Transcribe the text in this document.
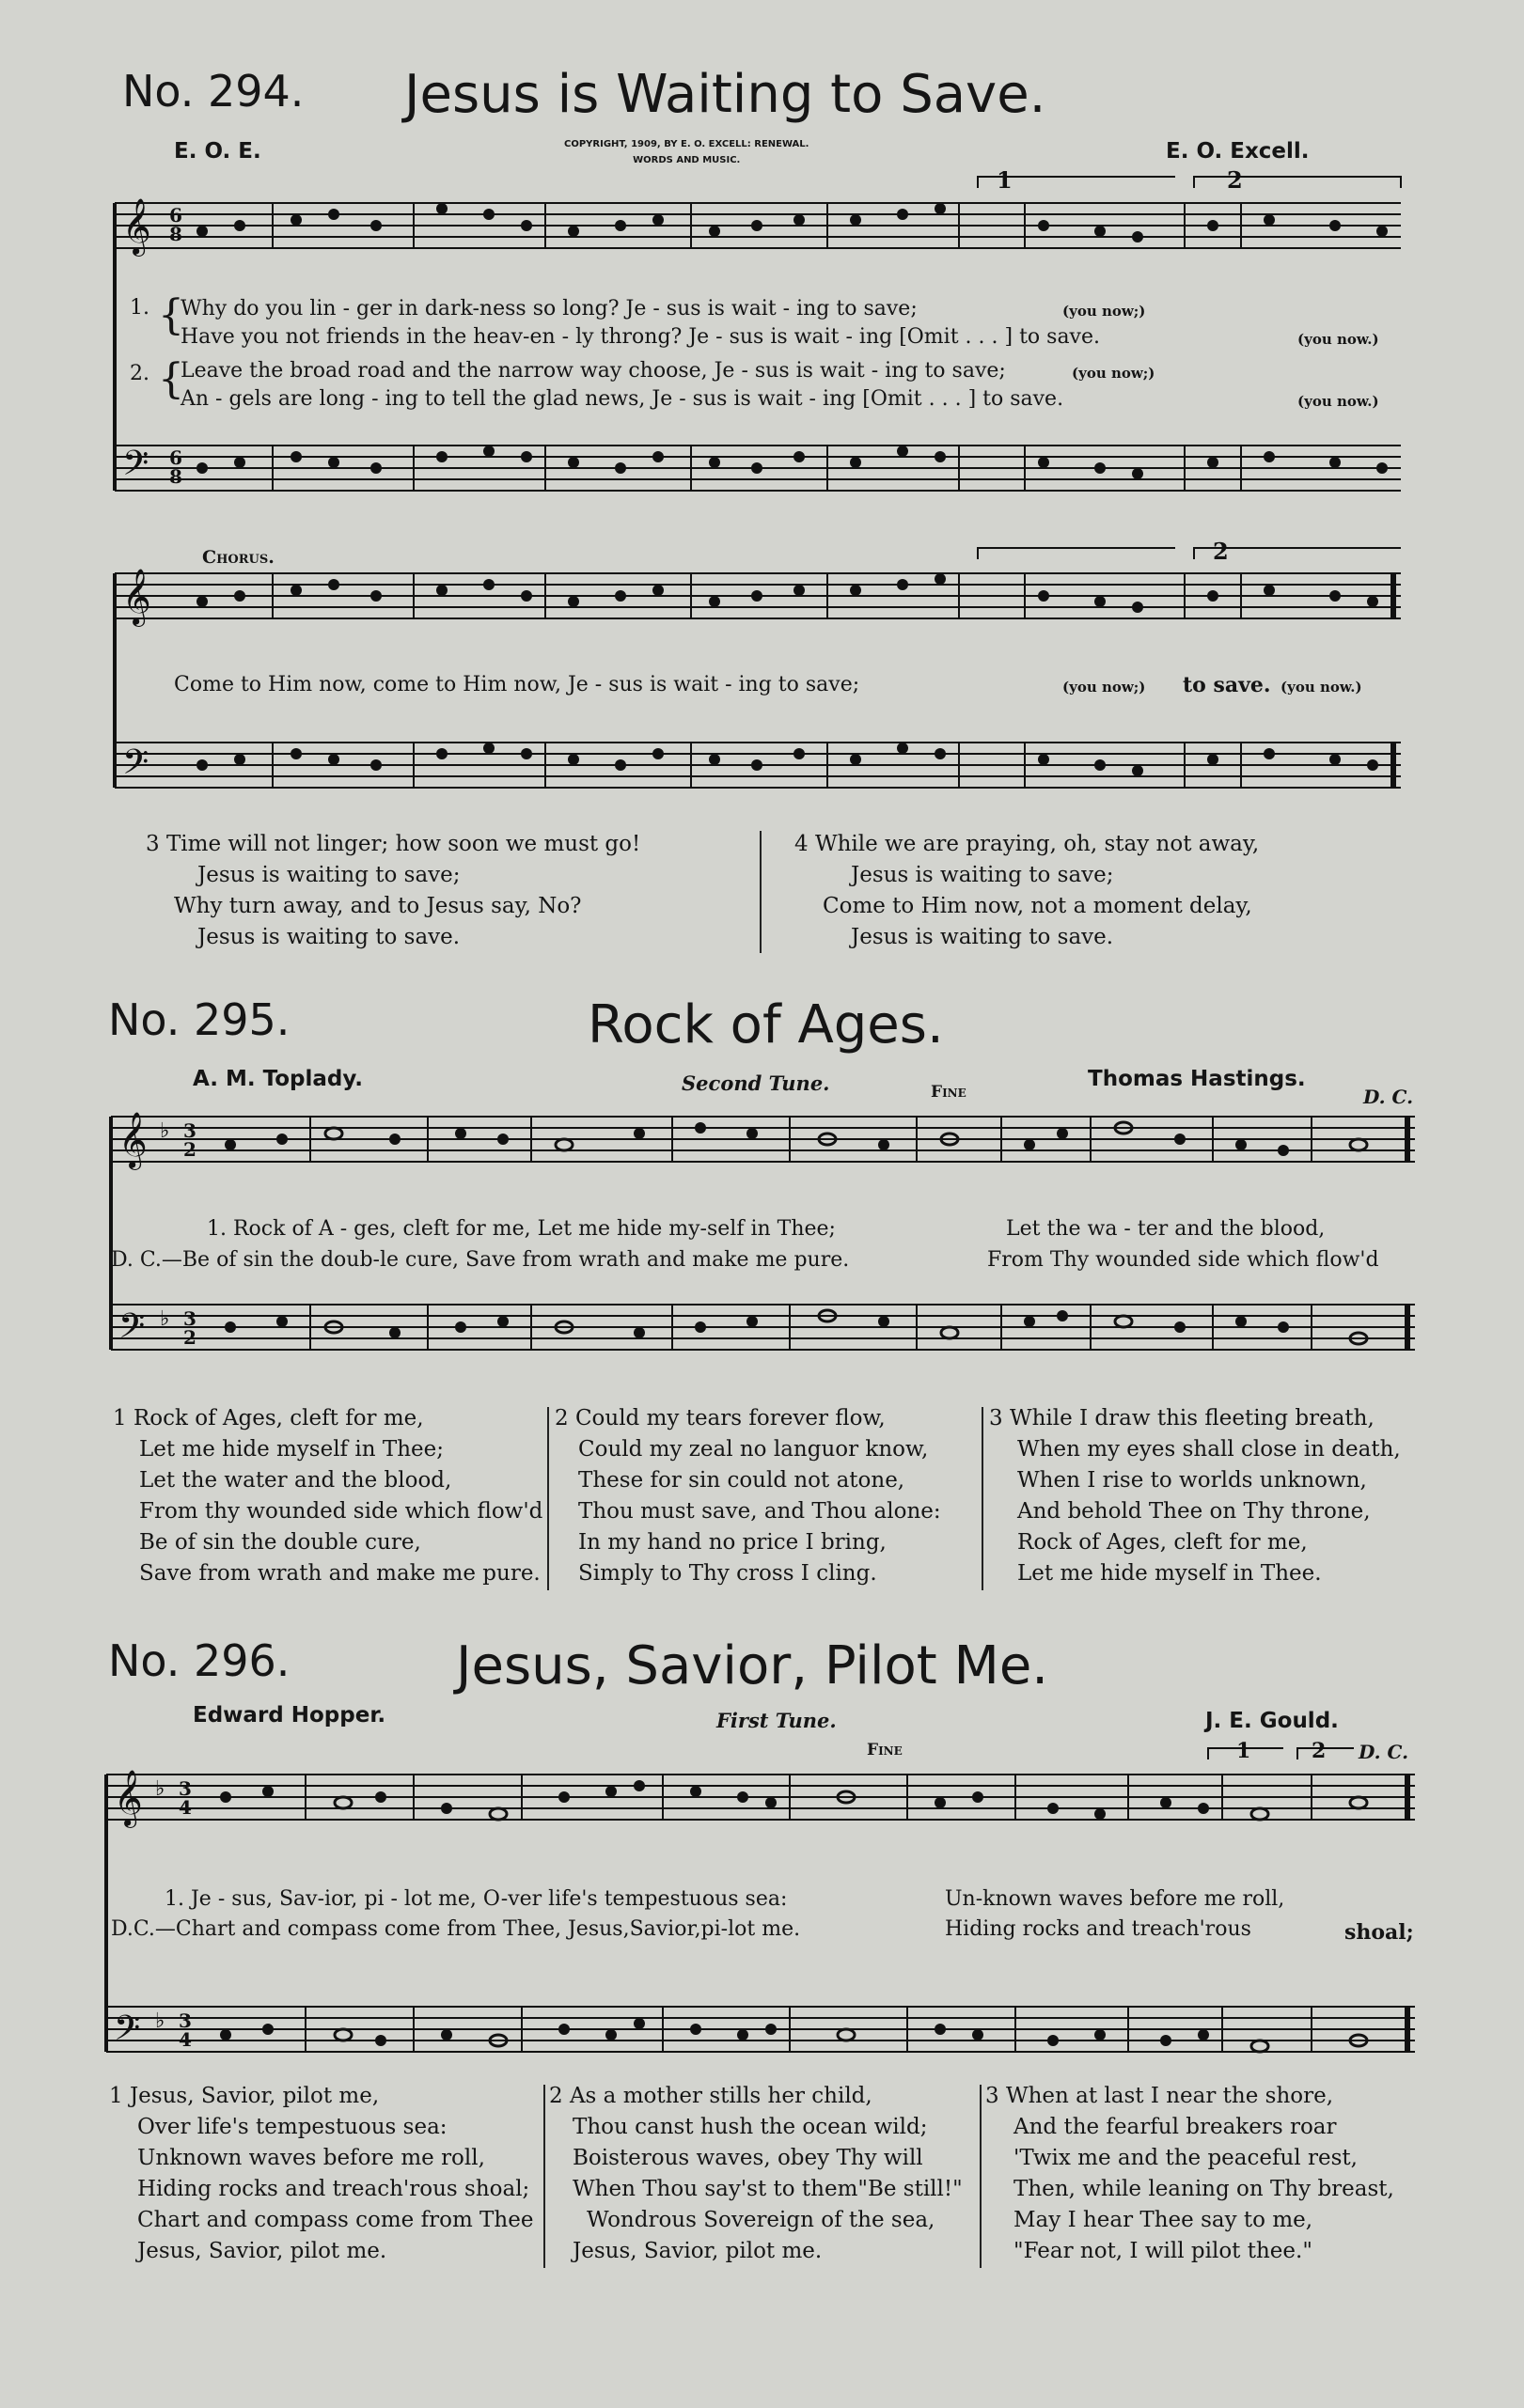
No. 294. Jesus is Waiting to Save.
E. O. E.	COPYRIGHT, 1909, BY E. O. EXCELL: RENEWAL.
WORDS AND MUSIC.	E. O. Excell.
𝄞
𝄢
𝄞
𝄢
6
8
6
8
1	2
2
1. {
Why do you lin - ger in dark-ness so long? Je - sus is wait - ing to save;	(you now;)
Have you not friends in the heav-en - ly throng? Je - sus is wait - ing [Omit . . . ] to save.	(you now.)
2. {
Leave the broad road and the narrow way choose, Je - sus is wait - ing to save;	(you now;)
An - gels are long - ing to tell the glad news, Je - sus is wait - ing [Omit . . . ] to save.	(you now.)
Chorus.
Come to Him now, come to Him now, Je - sus is wait - ing to save;	(you now;) to save. (you now.)
3 Time will not linger; how soon we must go!
Jesus is waiting to save;
Why turn away, and to Jesus say, No?
Jesus is waiting to save.
4 While we are praying, oh, stay not away,
Jesus is waiting to save;
Come to Him now, not a moment delay,
Jesus is waiting to save.
No. 295.	Rock of Ages.
A. M. Toplady.	Second Tune.	Fine
Thomas Hastings.
D. C.
𝄞
𝄢
♭
♭
3
2
3
2
1. Rock of A - ges, cleft for me, Let me hide my-self in Thee;	Let the wa - ter and the blood,
D. C.—Be of sin the doub-le cure, Save from wrath and make me pure.	From Thy wounded side which flow'd
1 Rock of Ages, cleft for me,
Let me hide myself in Thee;
Let the water and the blood,
From thy wounded side which flow'd
Be of sin the double cure,
Save from wrath and make me pure.
2 Could my tears forever flow,
Could my zeal no languor know,
These for sin could not atone,
Thou must save, and Thou alone:
In my hand no price I bring,
Simply to Thy cross I cling.
3 While I draw this fleeting breath,
When my eyes shall close in death,
When I rise to worlds unknown,
And behold Thee on Thy throne,
Rock of Ages, cleft for me,
Let me hide myself in Thee.
No. 296.	Jesus, Savior, Pilot Me.
Edward Hopper.	First Tune.
Fine
J. E. Gould.
D. C.
𝄞
𝄢
♭
♭
3
4
3
4
1	2
1. Je - sus, Sav-ior, pi - lot me, O-ver life's tempestuous sea:	Un-known waves before me roll,
D.C.—Chart and compass come from Thee, Jesus,Savior,pi-lot me.	Hiding rocks and treach'rous	shoal;
1 Jesus, Savior, pilot me,
Over life's tempestuous sea:
Unknown waves before me roll,
Hiding rocks and treach'rous shoal;
Chart and compass come from Thee
Jesus, Savior, pilot me.
2 As a mother stills her child,
Thou canst hush the ocean wild;
Boisterous waves, obey Thy will
When Thou say'st to them"Be still!"
Wondrous Sovereign of the sea,
Jesus, Savior, pilot me.
3 When at last I near the shore,
And the fearful breakers roar
'Twix me and the peaceful rest,
Then, while leaning on Thy breast,
May I hear Thee say to me,
"Fear not, I will pilot thee."
